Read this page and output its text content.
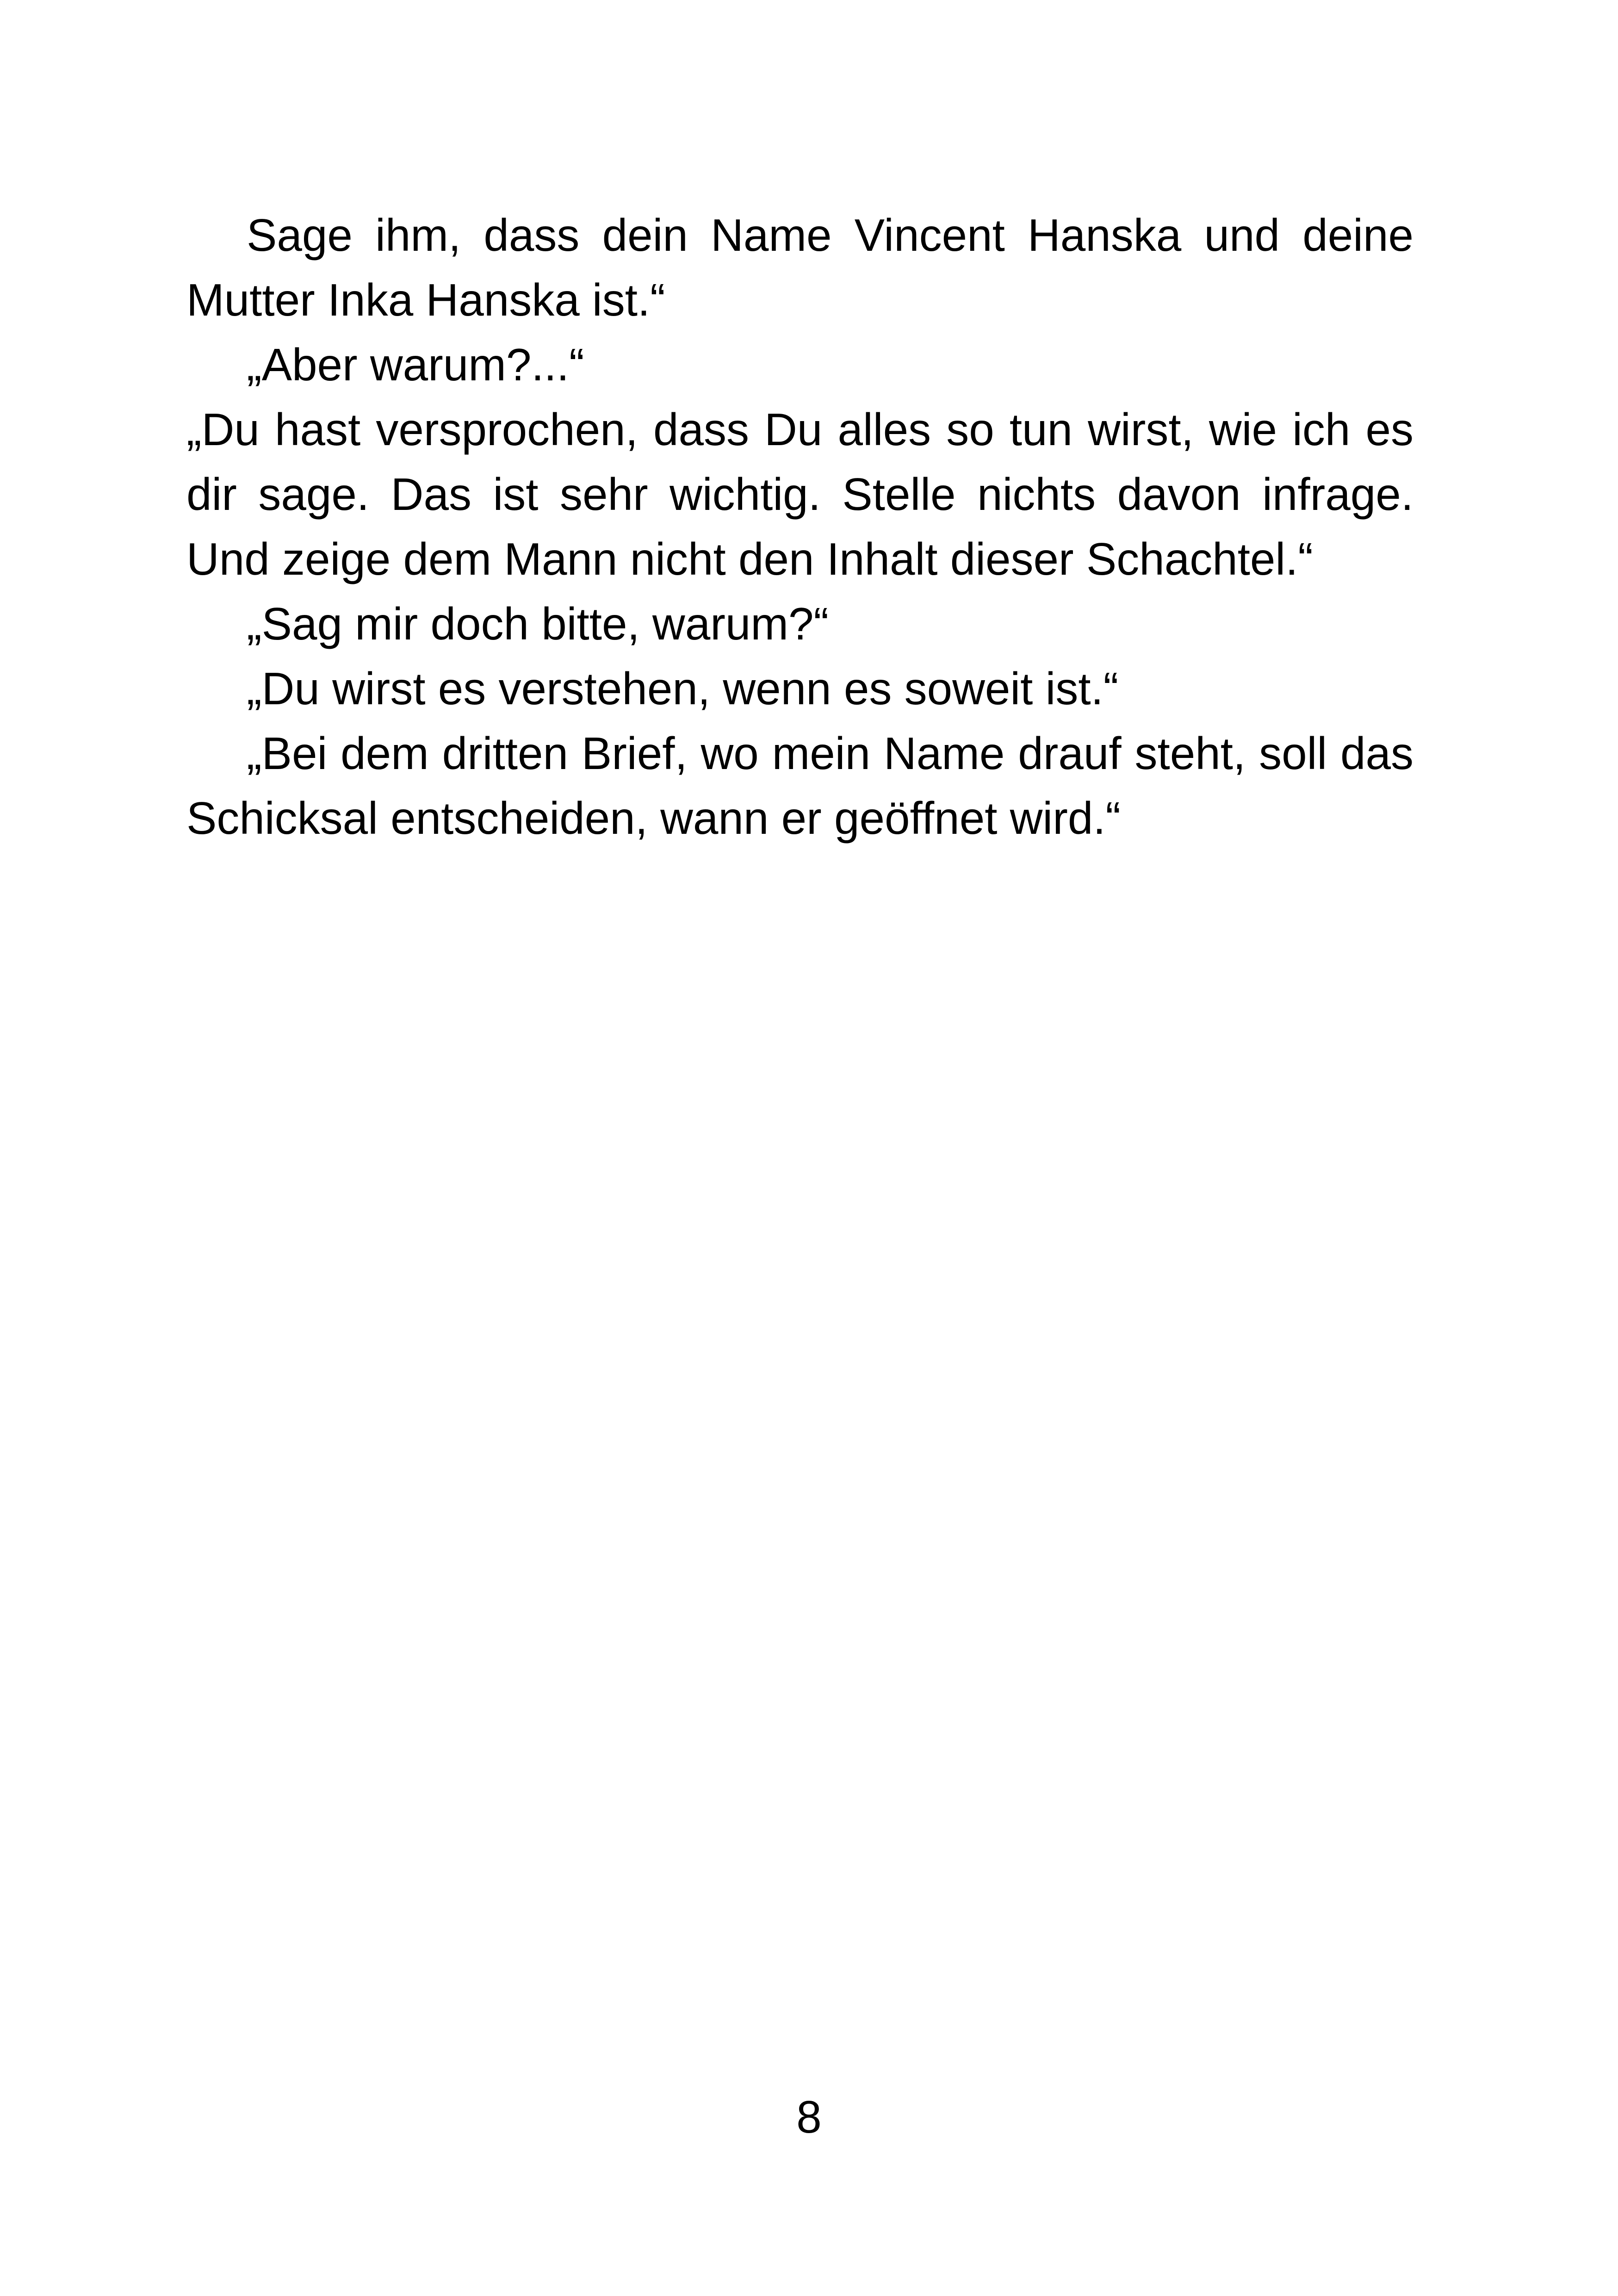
Sage ihm, dass dein Name Vincent Hanska und deine Mutter Inka Hanska ist.“

„Aber warum?...“

„Du hast versprochen, dass Du alles so tun wirst, wie ich es dir sage. Das ist sehr wichtig. Stelle nichts davon infrage. Und zeige dem Mann nicht den Inhalt dieser Schachtel.“

„Sag mir doch bitte, warum?“

„Du wirst es verstehen, wenn es soweit ist.“

„Bei dem dritten Brief, wo mein Name drauf steht, soll das Schicksal entscheiden, wann er geöffnet wird.“

8
